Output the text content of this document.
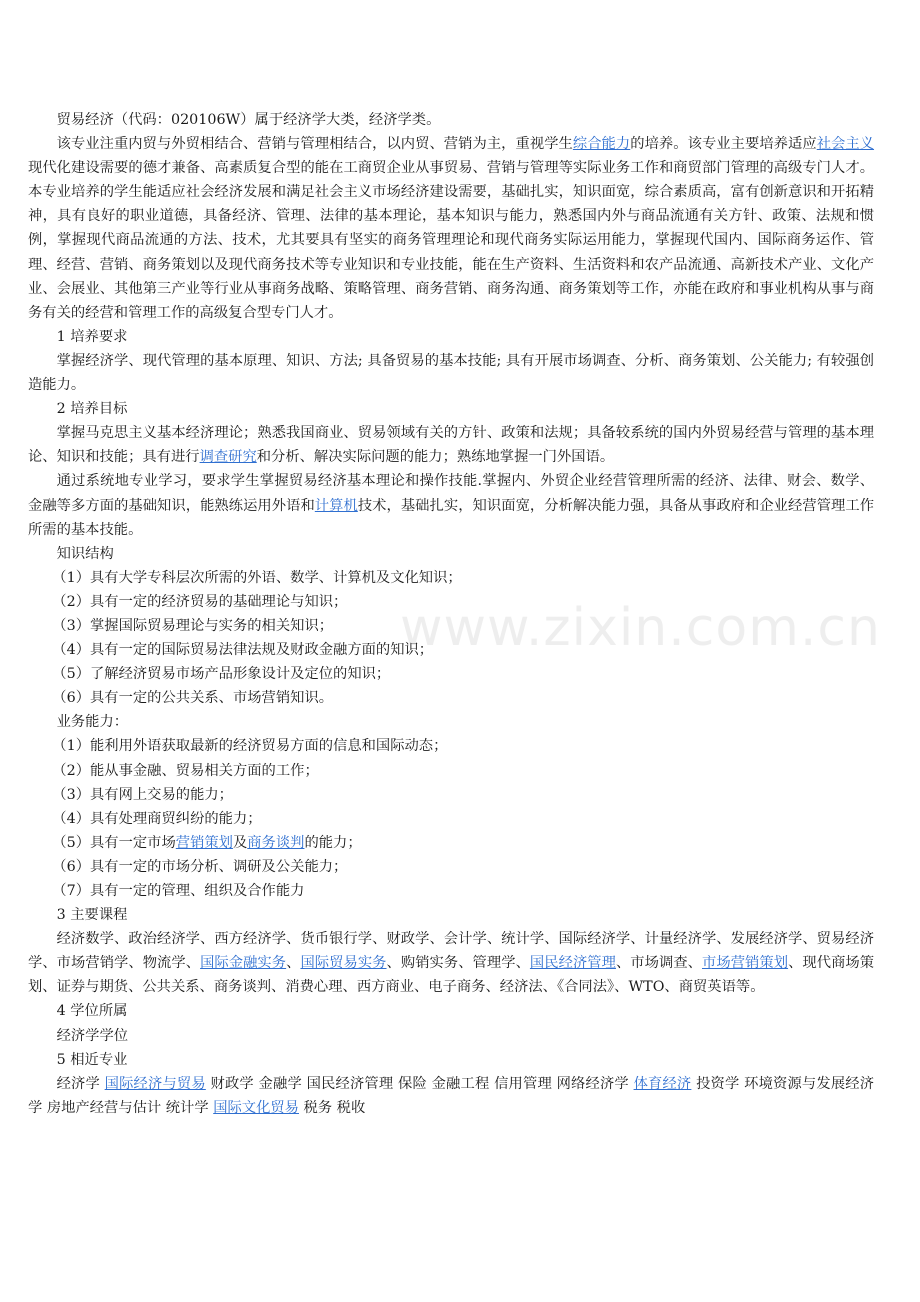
贸易经济（代码：020106W）属于经济学大类，经济学类。

该专业注重内贸与外贸相结合、营销与管理相结合，以内贸、营销为主，重视学生综合能力的培养。该专业主要培养适应社会主义现代化建设需要的德才兼备、高素质复合型的能在工商贸企业从事贸易、营销与管理等实际业务工作和商贸部门管理的高级专门人才。本专业培养的学生能适应社会经济发展和满足社会主义市场经济建设需要，基础扎实，知识面宽，综合素质高，富有创新意识和开拓精神，具有良好的职业道德，具备经济、管理、法律的基本理论，基本知识与能力，熟悉国内外与商品流通有关方针、政策、法规和惯例，掌握现代商品流通的方法、技术，尤其要具有坚实的商务管理理论和现代商务实际运用能力，掌握现代国内、国际商务运作、管理、经营、营销、商务策划以及现代商务技术等专业知识和专业技能，能在生产资料、生活资料和农产品流通、高新技术产业、文化产业、会展业、其他第三产业等行业从事商务战略、策略管理、商务营销、商务沟通、商务策划等工作，亦能在政府和事业机构从事与商务有关的经营和管理工作的高级复合型专门人才。

1 培养要求

掌握经济学、现代管理的基本原理、知识、方法; 具备贸易的基本技能; 具有开展市场调查、分析、商务策划、公关能力; 有较强创造能力。

2 培养目标

掌握马克思主义基本经济理论；熟悉我国商业、贸易领域有关的方针、政策和法规；具备较系统的国内外贸易经营与管理的基本理论、知识和技能；具有进行调查研究和分析、解决实际问题的能力；熟练地掌握一门外国语。

通过系统地专业学习，要求学生掌握贸易经济基本理论和操作技能.掌握内、外贸企业经营管理所需的经济、法律、财会、数学、金融等多方面的基础知识，能熟练运用外语和计算机技术，基础扎实，知识面宽，分析解决能力强，具备从事政府和企业经营管理工作所需的基本技能。

知识结构

（1）具有大学专科层次所需的外语、数学、计算机及文化知识；

（2）具有一定的经济贸易的基础理论与知识；

（3）掌握国际贸易理论与实务的相关知识；

（4）具有一定的国际贸易法律法规及财政金融方面的知识；

（5）了解经济贸易市场产品形象设计及定位的知识；

（6）具有一定的公共关系、市场营销知识。

业务能力：

（1）能利用外语获取最新的经济贸易方面的信息和国际动态；

（2）能从事金融、贸易相关方面的工作；

（3）具有网上交易的能力；

（4）具有处理商贸纠纷的能力；

（5）具有一定市场营销策划及商务谈判的能力；

（6）具有一定的市场分析、调研及公关能力；

（7）具有一定的管理、组织及合作能力

3 主要课程

经济数学、政治经济学、西方经济学、货币银行学、财政学、会计学、统计学、国际经济学、计量经济学、发展经济学、贸易经济学、市场营销学、物流学、国际金融实务、国际贸易实务、购销实务、管理学、国民经济管理、市场调查、市场营销策划、现代商场策划、证券与期货、公共关系、商务谈判、消费心理、西方商业、电子商务、经济法、《合同法》、WTO、商贸英语等。

4 学位所属

经济学学位

5 相近专业

经济学 国际经济与贸易 财政学 金融学 国民经济管理 保险 金融工程 信用管理 网络经济学 体育经济 投资学 环境资源与发展经济学 房地产经营与估计 统计学 国际文化贸易 税务 税收

www.zixin.com.cn
